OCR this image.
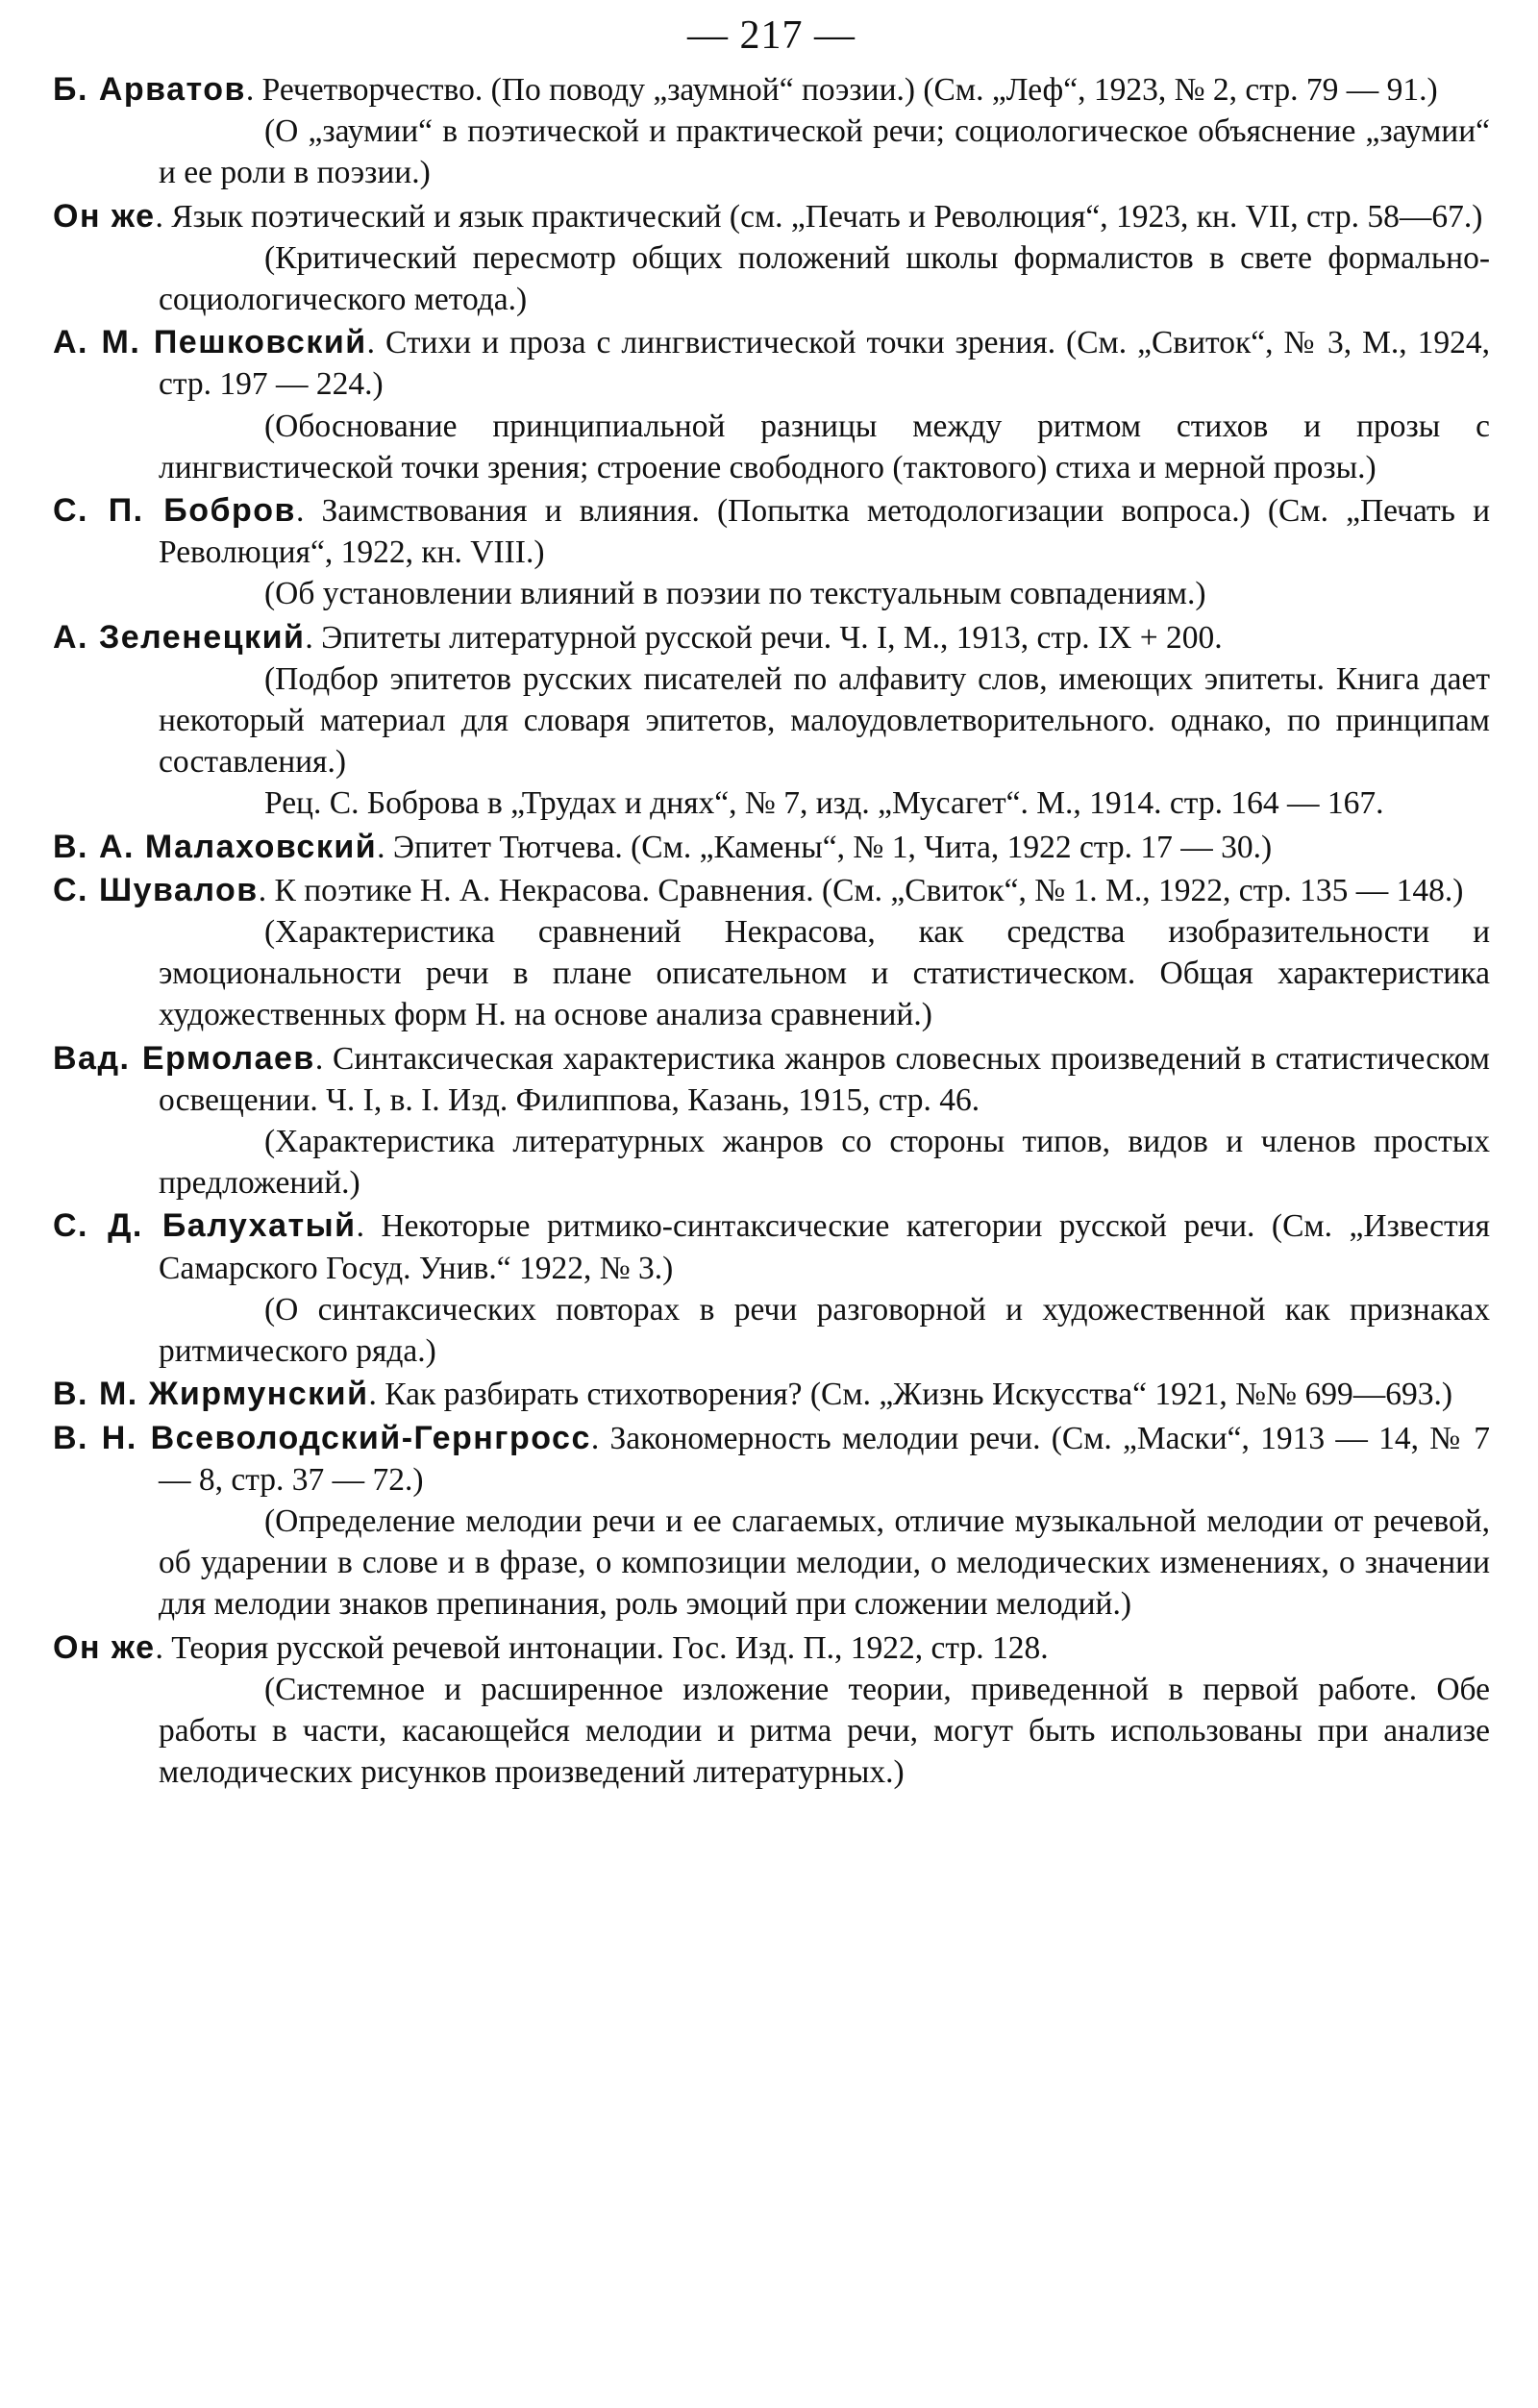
— 217 —
Б. Арватов. Речетворчество. (По поводу „заумной“ поэзии.) (См. „Леф“, 1923, № 2, стр. 79 — 91.)
(О „заумии“ в поэтической и практической речи; социологическое объяснение „заумии“ и ее роли в поэзии.)
Он же. Язык поэтический и язык практический (см. „Печать и Революция“, 1923, кн. VII, стр. 58—67.)
(Критический пересмотр общих положений школы формалистов в свете формально-социологического метода.)
А. М. Пешковский. Стихи и проза с лингвистической точки зрения. (См. „Свиток“, № 3, М., 1924, стр. 197 — 224.)
(Обоснование принципиальной разницы между ритмом стихов и прозы с лингвистической точки зрения; строение свободного (тактового) стиха и мерной прозы.)
С. П. Бобров. Заимствования и влияния. (Попытка методологизации вопроса.) (См. „Печать и Революция“, 1922, кн. VIII.)
(Об установлении влияний в поэзии по текстуальным совпадениям.)
А. Зеленецкий. Эпитеты литературной русской речи. Ч. I, М., 1913, стр. IX + 200.
(Подбор эпитетов русских писателей по алфавиту слов, имеющих эпитеты. Книга дает некоторый материал для словаря эпитетов, малоудовлетворительного. однако, по принципам составления.)
Рец. С. Боброва в „Трудах и днях“, № 7, изд. „Мусагет“. М., 1914. стр. 164 — 167.
В. А. Малаховский. Эпитет Тютчева. (См. „Камены“, № 1, Чита, 1922 стр. 17 — 30.)
С. Шувалов. К поэтике Н. А. Некрасова. Сравнения. (См. „Свиток“, № 1. М., 1922, стр. 135 — 148.)
(Характеристика сравнений Некрасова, как средства изобразительности и эмоциональности речи в плане описательном и статистическом. Общая характеристика художественных форм Н. на основе анализа сравнений.)
Вад. Ермолаев. Синтаксическая характеристика жанров словесных произведений в статистическом освещении. Ч. I, в. I. Изд. Филиппова, Казань, 1915, стр. 46.
(Характеристика литературных жанров со стороны типов, видов и членов простых предложений.)
С. Д. Балухатый. Некоторые ритмико-синтаксические категории русской речи. (См. „Известия Самарского Госуд. Унив.“ 1922, № 3.)
(О синтаксических повторах в речи разговорной и художественной как признаках ритмического ряда.)
В. М. Жирмунский. Как разбирать стихотворения? (См. „Жизнь Искусства“ 1921, №№ 699—693.)
В. Н. Всеволодский-Гернгросс. Закономерность мелодии речи. (См. „Маски“, 1913 — 14, № 7 — 8, стр. 37 — 72.)
(Определение мелодии речи и ее слагаемых, отличие музыкальной мелодии от речевой, об ударении в слове и в фразе, о композиции мелодии, о мелодических изменениях, о значении для мелодии знаков препинания, роль эмоций при сложении мелодий.)
Он же. Теория русской речевой интонации. Гос. Изд. П., 1922, стр. 128.
(Системное и расширенное изложение теории, приведенной в первой работе. Обе работы в части, касающейся мелодии и ритма речи, могут быть использованы при анализе мелодических рисунков произведений литературных.)
